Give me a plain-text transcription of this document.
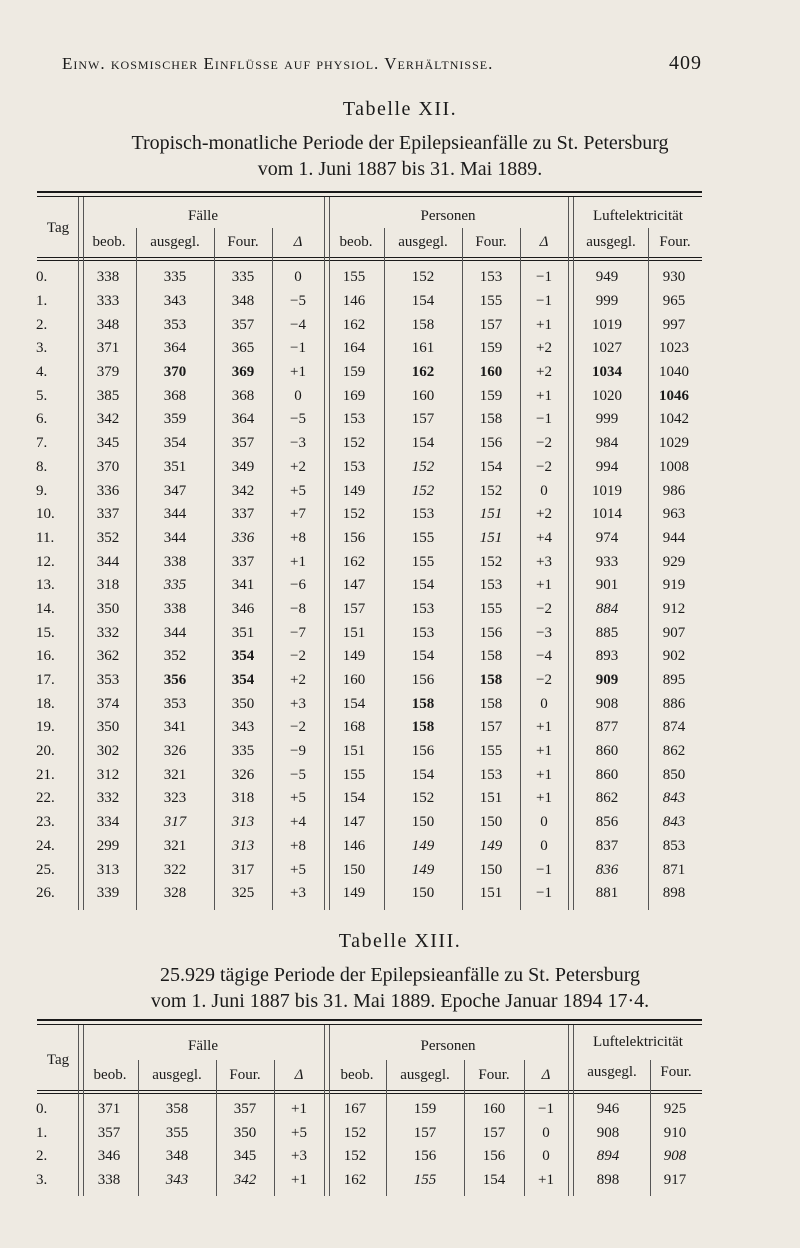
Einw. kosmischer Einflüsse auf physiol. Verhältnisse.	409
Tabelle XII.
Tropisch-monatliche Periode der Epilepsieanfälle zu St. Petersburg
vom 1. Juni 1887 bis 31. Mai 1889.
Tag
Fälle	Personen	Luftelektricität
beob.	ausgegl.	Four.	Δ	beob.	ausgegl.	Four.	Δ	ausgegl.	Four.
0.	338	335	335	0	155	152	153	−1	949	930
1.	333	343	348	−5	146	154	155	−1	999	965
2.	348	353	357	−4	162	158	157	+1	1019	997
3.	371	364	365	−1	164	161	159	+2	1027	1023
4.	379	370	369	+1	159	162	160	+2	1034	1040
5.	385	368	368	0	169	160	159	+1	1020	1046
6.	342	359	364	−5	153	157	158	−1	999	1042
7.	345	354	357	−3	152	154	156	−2	984	1029
8.	370	351	349	+2	153	152	154	−2	994	1008
9.	336	347	342	+5	149	152	152	0	1019	986
10.	337	344	337	+7	152	153	151	+2	1014	963
11.	352	344	336	+8	156	155	151	+4	974	944
12.	344	338	337	+1	162	155	152	+3	933	929
13.	318	335	341	−6	147	154	153	+1	901	919
14.	350	338	346	−8	157	153	155	−2	884	912
15.	332	344	351	−7	151	153	156	−3	885	907
16.	362	352	354	−2	149	154	158	−4	893	902
17.	353	356	354	+2	160	156	158	−2	909	895
18.	374	353	350	+3	154	158	158	0	908	886
19.	350	341	343	−2	168	158	157	+1	877	874
20.	302	326	335	−9	151	156	155	+1	860	862
21.	312	321	326	−5	155	154	153	+1	860	850
22.	332	323	318	+5	154	152	151	+1	862	843
23.	334	317	313	+4	147	150	150	0	856	843
24.	299	321	313	+8	146	149	149	0	837	853
25.	313	322	317	+5	150	149	150	−1	836	871
26.	339	328	325	+3	149	150	151	−1	881	898
Tabelle XIII.
25.929 tägige Periode der Epilepsieanfälle zu St. Petersburg
vom 1. Juni 1887 bis 31. Mai 1889. Epoche Januar 1894 17·4.
Tag
Fälle	Personen	Luftelektricität
beob.	ausgegl.	Four.	Δ	beob.	ausgegl.	Four.	Δ	ausgegl.	Four.
0.	371	358	357	+1	167	159	160	−1	946	925
1.	357	355	350	+5	152	157	157	0	908	910
2.	346	348	345	+3	152	156	156	0	894	908
3.	338	343	342	+1	162	155	154	+1	898	917
